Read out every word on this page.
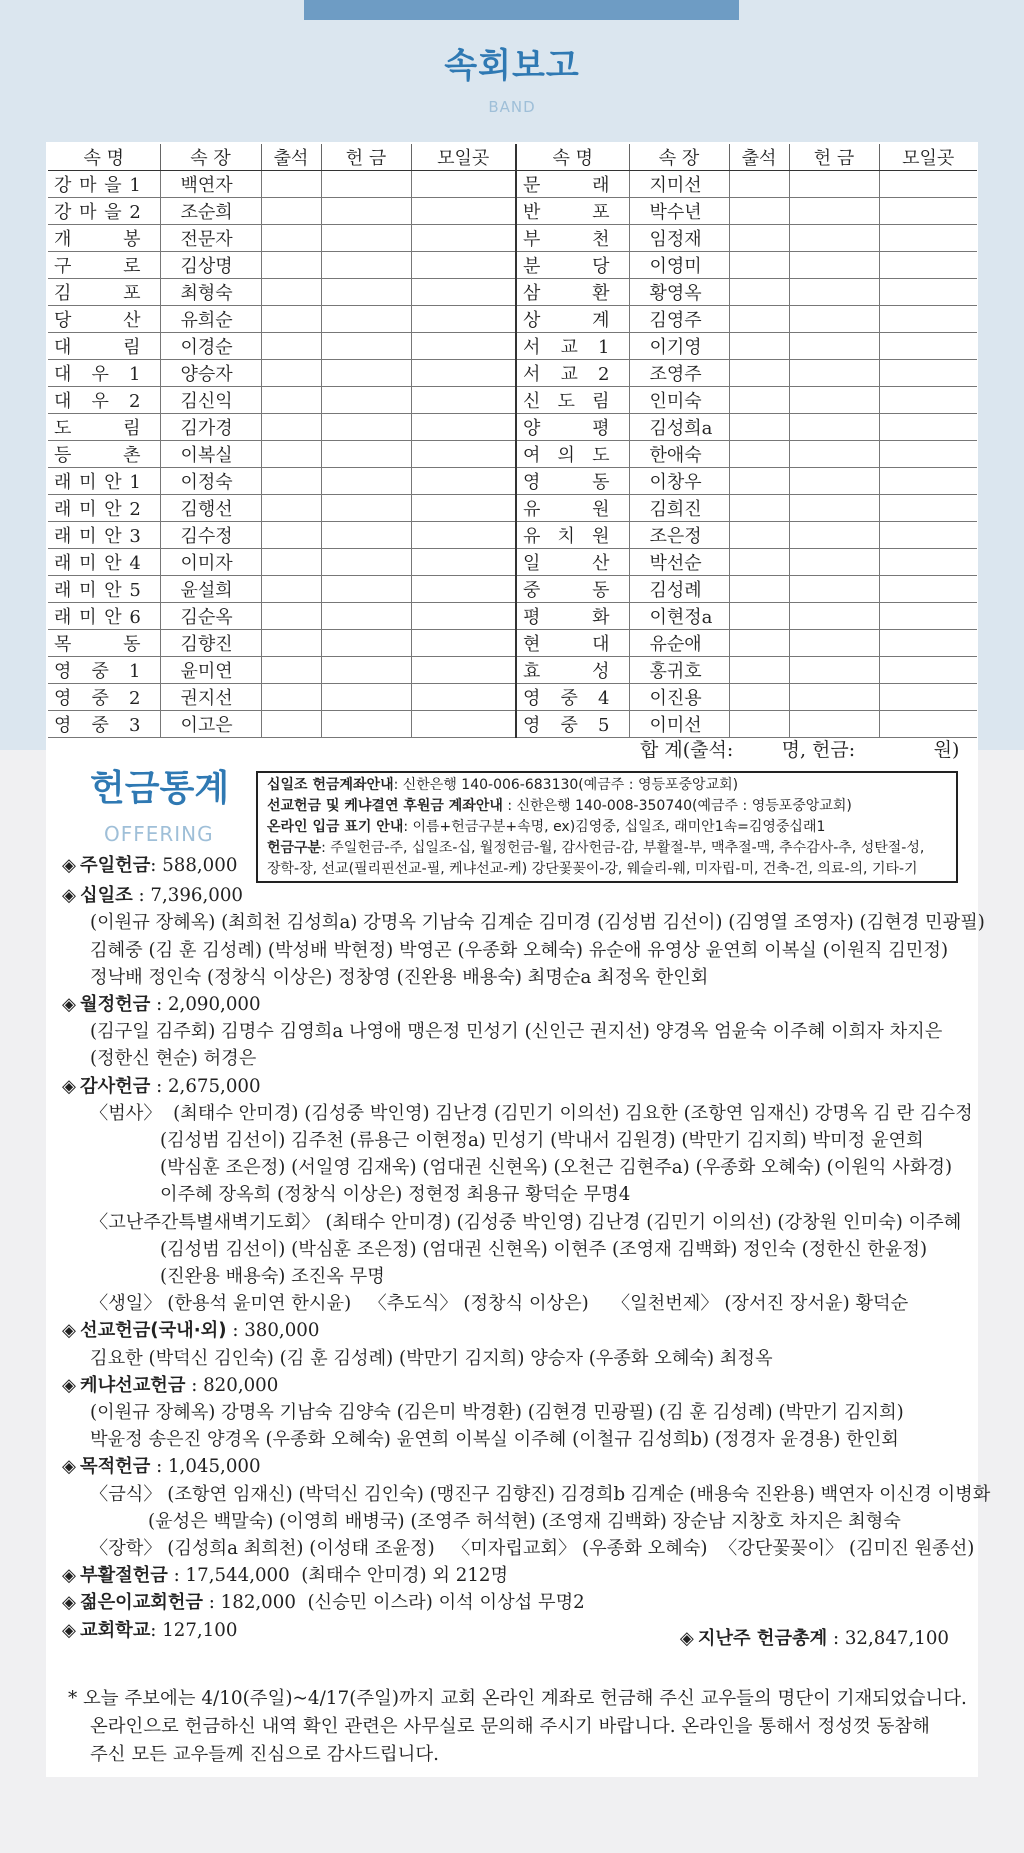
속회보고
BAND
속 명	속 장	출석	헌 금	모일곳	속 명	속 장	출석	헌 금	모일곳
강 마 을 1	백연자				문 래	지미선			
강 마 을 2	조순희				반 포	박수년			
개 봉	전문자				부 천	임정재			
구 로	김상명				분 당	이영미			
김 포	최형숙				삼 환	황영옥			
당 산	유희순				상 계	김영주			
대 림	이경순				서 교 1	이기영			
대 우 1	양승자				서 교 2	조영주			
대 우 2	김신익				신 도 림	인미숙			
도 림	김가경				양 평	김성희a			
등 촌	이복실				여 의 도	한애숙			
래 미 안 1	이정숙				영 동	이창우			
래 미 안 2	김행선				유 원	김희진			
래 미 안 3	김수정				유 치 원	조은정			
래 미 안 4	이미자				일 산	박선순			
래 미 안 5	윤설희				중 동	김성례			
래 미 안 6	김순옥				평 화	이현정a			
목 동	김향진				현 대	유순애			
영 중 1	윤미연				효 성	홍귀호			
영 중 2	권지선				영 중 4	이진용			
영 중 3	이고은				영 중 5	이미선			
합 계(출석:        명, 헌금:             원)
헌금통계
OFFERING

십일조 헌금계좌안내: 신한은행 140-006-683130(예금주 : 영등포중앙교회)

선교헌금 및 케냐결연 후원금 계좌안내 : 신한은행 140-008-350740(예금주 : 영등포중앙교회)

온라인 입금 표기 안내: 이름+헌금구분+속명, ex)김영중, 십일조, 래미안1속=김영중십래1

헌금구분: 주일헌금-주, 십일조-십, 월정헌금-월, 감사헌금-감, 부활절-부, 맥추절-맥, 추수감사-추, 성탄절-성,

장학-장, 선교(필리핀선교-필, 케냐선교-케) 강단꽃꽂이-강, 웨슬리-웨, 미자립-미, 건축-건, 의료-의, 기타-기

◈ 주일헌금: 588,000

◈ 십일조 : 7,396,000

(이원규 장혜옥) (최희천 김성희a) 강명옥 기남숙 김계순 김미경 (김성범 김선이) (김영열 조영자) (김현경 민광필)

김혜중 (김 훈 김성례) (박성배 박현정) 박영곤 (우종화 오혜숙) 유순애 유영상 윤연희 이복실 (이원직 김민정)

정낙배 정인숙 (정창식 이상은) 정창영 (진완용 배용숙) 최명순a 최정옥 한인회

◈ 월정헌금 : 2,090,000

(김구일 김주회) 김명수 김영희a 나영애 맹은정 민성기 (신인근 권지선) 양경옥 엄윤숙 이주혜 이희자 차지은

(정한신 현순) 허경은

◈ 감사헌금 : 2,675,000

〈범사〉 (최태수 안미경) (김성중 박인영) 김난경 (김민기 이의선) 김요한 (조항연 임재신) 강명옥 김 란 김수정

(김성범 김선이) 김주천 (류용근 이현정a) 민성기 (박내서 김원경) (박만기 김지희) 박미정 윤연희

(박심훈 조은정) (서일영 김재욱) (엄대권 신현옥) (오천근 김현주a) (우종화 오혜숙) (이원익 사화경)

이주혜 장옥희 (정창식 이상은) 정현정 최용규 황덕순 무명4

〈고난주간특별새벽기도회〉 (최태수 안미경) (김성중 박인영) 김난경 (김민기 이의선) (강창원 인미숙) 이주혜

(김성범 김선이) (박심훈 조은정) (엄대권 신현옥) 이현주 (조영재 김백화) 정인숙 (정한신 한윤정)

(진완용 배용숙) 조진옥 무명

〈생일〉 (한용석 윤미연 한시윤)   〈추도식〉 (정창식 이상은)    〈일천번제〉 (장서진 장서윤) 황덕순

◈ 선교헌금(국내·외) : 380,000

김요한 (박덕신 김인숙) (김 훈 김성례) (박만기 김지희) 양승자 (우종화 오혜숙) 최정옥

◈ 케냐선교헌금 : 820,000

(이원규 장혜옥) 강명옥 기남숙 김양숙 (김은미 박경환) (김현경 민광필) (김 훈 김성례) (박만기 김지희)

박윤정 송은진 양경옥 (우종화 오혜숙) 윤연희 이복실 이주혜 (이철규 김성희b) (정경자 윤경용) 한인회

◈ 목적헌금 : 1,045,000

〈금식〉 (조항연 임재신) (박덕신 김인숙) (맹진구 김향진) 김경희b 김계순 (배용숙 진완용) 백연자 이신경 이병화

(윤성은 백말숙) (이영희 배병국) (조영주 허석현) (조영재 김백화) 장순남 지창호 차지은 최형숙

〈장학〉 (김성희a 최희천) (이성태 조윤정)   〈미자립교회〉 (우종화 오혜숙)  〈강단꽃꽂이〉 (김미진 원종선)

◈ 부활절헌금 : 17,544,000  (최태수 안미경) 외 212명

◈ 젊은이교회헌금 : 182,000  (신승민 이스라) 이석 이상섭 무명2

◈ 교회학교: 127,100	◈ 지난주 헌금총계 : 32,847,100

* 오늘 주보에는 4/10(주일)~4/17(주일)까지 교회 온라인 계좌로 헌금해 주신 교우들의 명단이 기재되었습니다.

온라인으로 헌금하신 내역 확인 관련은 사무실로 문의해 주시기 바랍니다. 온라인을 통해서 정성껏 동참해

주신 모든 교우들께 진심으로 감사드립니다.
